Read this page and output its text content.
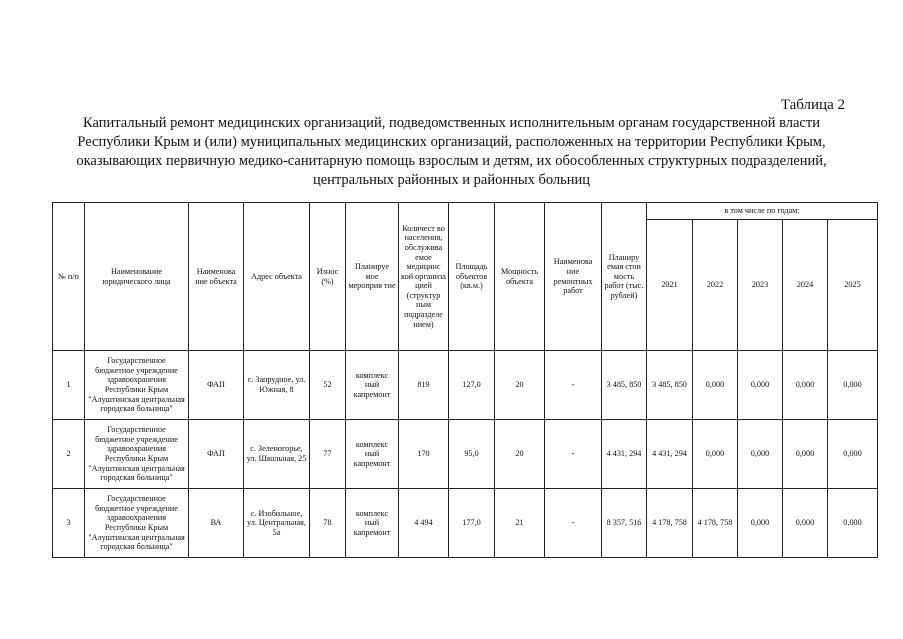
Таблица 2
Капитальный ремонт медицинских организаций, подведомственных исполнительным органам государственной власти
Республики Крым и (или) муниципальных медицинских организаций, расположенных на территории Республики Крым,
оказывающих первичную медико-санитарную помощь взрослым и детям, их обособленных структурных подразделений,
центральных районных и районных больниц
№ п/п	Наименование юридического лица	Наименова ние объекта	Адрес объекта	Износ (%)	Планируе мое мероприя тие	Количест во населения, обслужива емое медицинс кой организа цией (структур ным подразделе нием)	Площадь объектов (кв.м.)	Мощность объекта	Наименова ние ремонтных работ	Планиру емая стои мость работ (тыс. рублей)	в том числе по годам:				
											2021	2022	2023	2024	2025
1	Государственное бюджетное учреждение здравоохранения Республики Крым "Алуштинская центральная городская больница"	ФАП	с. Запрудное, ул. Южная, 8	52	комплекс ный капремонт	819	127,0	20	-	3 485, 850	3 485, 850	0,000	0,000	0,000	0,000
2	Государственное бюджетное учреждение здравоохранения Республики Крым "Алуштинская центральная городская больница"	ФАП	с. Зеленогорье, ул. Школьная, 25	77	комплекс ный капремонт	170	95,0	20	-	4 431, 294	4 431, 294	0,000	0,000	0,000	0,000
3	Государственное бюджетное учреждение здравоохранения Республики Крым "Алуштинская центральная городская больница"	ВА	с. Изобильное, ул. Центральная, 5а	78	комплекс ный капремонт	4 494	177,0	21	-	8 357, 516	4 178, 758	4 178, 758	0,000	0,000	0,000
